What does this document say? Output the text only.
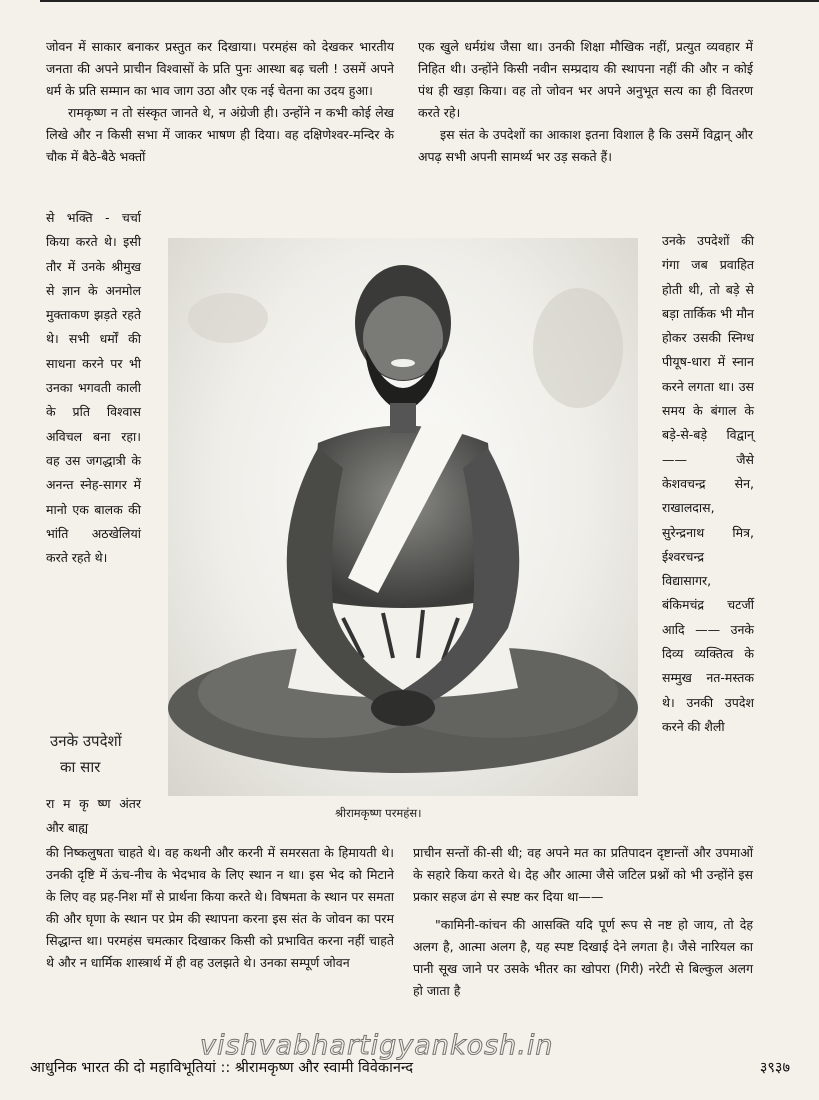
जोवन में साकार बनाकर प्रस्तुत कर दिखाया। परमहंस को देखकर भारतीय जनता की अपने प्राचीन विश्वासों के प्रति पुनः आस्था बढ़ चली ! उसमें अपने धर्म के प्रति सम्मान का भाव जाग उठा और एक नई चेतना का उदय हुआ।

रामकृष्ण न तो संस्कृत जानते थे, न अंग्रेजी ही। उन्होंने न कभी कोई लेख लिखे और न किसी सभा में जाकर भाषण ही दिया। वह दक्षिणेश्वर-मन्दिर के चौक में बैठे-बैठे भक्तों

एक खुले धर्मग्रंथ जैसा था। उनकी शिक्षा मौखिक नहीं, प्रत्युत व्यवहार में निहित थी। उन्होंने किसी नवीन सम्प्रदाय की स्थापना नहीं की और न कोई पंथ ही खड़ा किया। वह तो जोवन भर अपने अनुभूत सत्य का ही वितरण करते रहे।

इस संत के उपदेशों का आकाश इतना विशाल है कि उसमें विद्वान् और अपढ़ सभी अपनी सामर्थ्य भर उड़ सकते हैं।

से भक्ति - चर्चा किया करते थे। इसी तौर में उनके श्रीमुख से ज्ञान के अनमोल मुक्ताकण झड़ते रहते थे। सभी धर्मों की साधना करने पर भी उनका भगवती काली के प्रति विश्वास अविचल बना रहा। वह उस जगद्धात्री के अनन्त स्नेह-सागर में मानो एक बालक की भांति अठखेलियां करते रहते थे।

उनके उपदेशों
का सार

रा म कृ ष्ण अंतर और बाह्य

श्रीरामकृष्ण परमहंस।

उनके उपदेशों की गंगा जब प्रवाहित होती थी, तो बड़े से बड़ा तार्किक भी मौन होकर उसकी स्निग्ध पीयूष-धारा में स्नान करने लगता था। उस समय के बंगाल के बड़े-से-बड़े विद्वान् —— जैसे केशवचन्द्र सेन, राखालदास, सुरेन्द्रनाथ मित्र, ईश्वरचन्द्र विद्यासागर, बंकिमचंद्र चटर्जी आदि —— उनके दिव्य व्यक्तित्व के सम्मुख नत-मस्तक थे। उनकी उपदेश करने की शैली

की निष्कलुषता चाहते थे। वह कथनी और करनी में समरसता के हिमायती थे। उनकी दृष्टि में ऊंच-नीच के भेदभाव के लिए स्थान न था। इस भेद को मिटाने के लिए वह प्रह-निश माँ से प्रार्थना किया करते थे। विषमता के स्थान पर समता की और घृणा के स्थान पर प्रेम की स्थापना करना इस संत के जोवन का परम सिद्धान्त था। परमहंस चमत्कार दिखाकर किसी को प्रभावित करना नहीं चाहते थे और न धार्मिक शास्त्रार्थ में ही वह उलझते थे। उनका सम्पूर्ण जोवन

प्राचीन सन्तों की-सी थी; वह अपने मत का प्रतिपादन दृष्टान्तों और उपमाओं के सहारे किया करते थे। देह और आत्मा जैसे जटिल प्रश्नों को भी उन्होंने इस प्रकार सहज ढंग से स्पष्ट कर दिया था——

"कामिनी-कांचन की आसक्ति यदि पूर्ण रूप से नष्ट हो जाय, तो देह अलग है, आत्मा अलग है, यह स्पष्ट दिखाई देने लगता है। जैसे नारियल का पानी सूख जाने पर उसके भीतर का खोपरा (गिरी) नरेटी से बिल्कुल अलग हो जाता है

vishvabhartigyankosh.in
आधुनिक भारत की दो महाविभूतियां :: श्रीरामकृष्ण और स्वामी विवेकानन्द	३९३७
